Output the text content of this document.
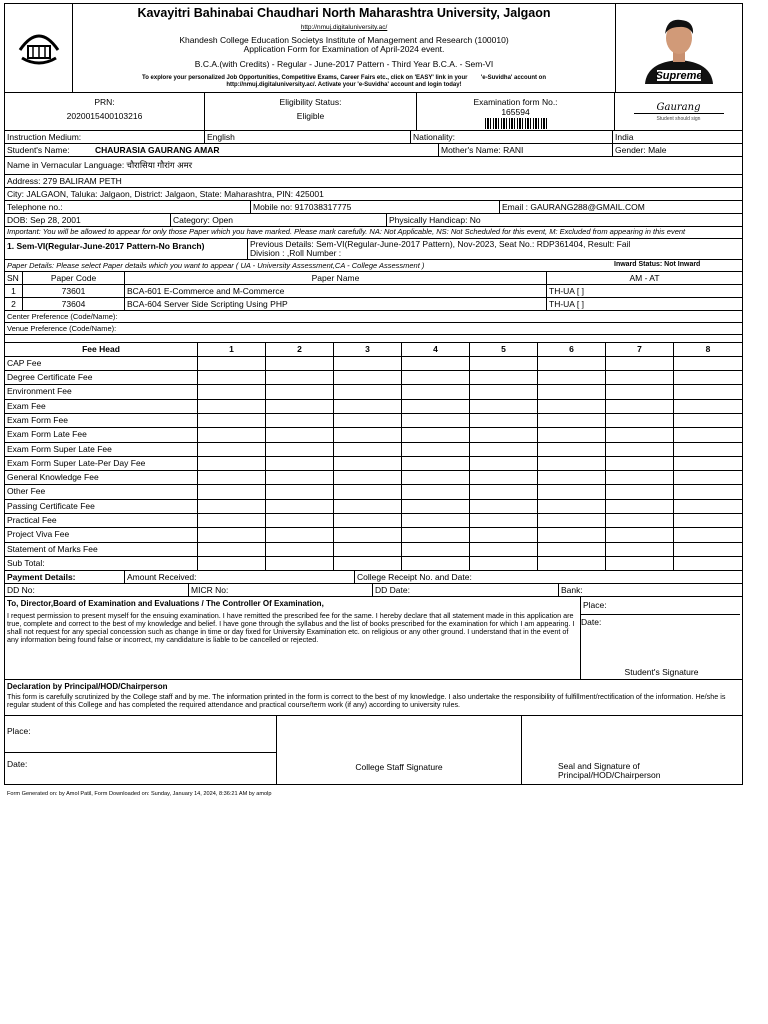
Kavayitri Bahinabai Chaudhari North Maharashtra University, Jalgaon
http://nmuj.digitaluniversity.ac/
Khandesh College Education Societys Institute of Management and Research (100010)
Application Form for Examination of April-2024 event.
B.C.A.(with Credits) - Regular - June-2017 Pattern - Third Year B.C.A. - Sem-VI
To explore your personalized Job Opportunities, Competitive Exams, Career Fairs etc., click on 'EASY' link in your 'e-Suvidha' account on
http://nmuj.digitaluniversity.ac/. Activate your 'e-Suvidha' account and login today!
Supreme
PRN:
2020015400103216
Eligibility Status:
Eligible
Examination form No.:
165594	Gaurang
Student should sign
Instruction Medium:	English	Nationality:	India
Student's Name:	CHAURASIA GAURANG AMAR	Mother's Name: RANI	Gender: Male
Name in Vernacular Language: चौरासिया गौरांग अमर
Address: 279 BALIRAM PETH
City: JALGAON, Taluka: Jalgaon, District: Jalgaon, State: Maharashtra, PIN: 425001
Telephone no.:	Mobile no: 917038317775	Email : GAURANG288@GMAIL.COM
DOB: Sep 28, 2001	Category: Open	Physically Handicap: No
Important: You will be allowed to appear for only those Paper which you have marked. Please mark carefully. NA: Not Applicable, NS: Not Scheduled for this event, M: Excluded from appearing in this event
1. Sem-VI(Regular-June-2017 Pattern-No Branch)	Previous Details: Sem-VI(Regular-June-2017 Pattern), Nov-2023, Seat No.: RDP361404, Result: Fail
Division : ,Roll Number :
Paper Details: Please select Paper details which you want to appear ( UA - University Assessment,CA - College Assessment )	Inward Status: Not Inward
SN	Paper Code	Paper Name	AM - AT
1	73601	BCA-601 E-Commerce and M-Commerce	TH-UA [ ]
2	73604	BCA-604 Server Side Scripting Using PHP	TH-UA [ ]
Center Preference (Code/Name):
Venue Preference (Code/Name):
Fee Head	1	2	3	4	5	6	7	8
CAP Fee
Degree Certificate Fee
Environment Fee
Exam Fee
Exam Form Fee
Exam Form Late Fee
Exam Form Super Late Fee
Exam Form Super Late-Per Day Fee
General Knowledge Fee
Other Fee
Passing Certificate Fee
Practical Fee
Project Viva Fee
Statement of Marks Fee
Sub Total:
Payment Details:	Amount Received:	College Receipt No. and Date:
DD No:	MICR No:	DD Date:	Bank:
To, Director,Board of Examination and Evaluations / The Controller Of Examination,
I request permission to present myself for the ensuing examination. I have remitted the prescribed fee for the same. I hereby declare that all statement made in this application are true, complete and correct to the best of my knowledge and belief. I have gone through the syllabus and the list of books prescribed for the examination for which I am appearing. I shall not request for any special concession such as change in time or day fixed for University Examination etc. on religious or any other ground. I understand that in the event of any information being found false or incorrect, my candidature is liable to be cancelled or rejected.
Place:
Date:
Student's Signature
Declaration by Principal/HOD/Chairperson
This form is carefully scrutinized by the College staff and by me. The information printed in the form is correct to the best of my knowledge. I also undertake the responsibility of fulfillment/rectification of the information. He/she is regular student of this College and has completed the required attendance and practical course/term work (if any) according to university rules.
Place:
Date:	College Staff Signature	Seal and Signature of
Principal/HOD/Chairperson
Form Generated on: by Amol Patil, Form Downloaded on: Sunday, January 14, 2024, 8:36:21 AM by amolp
